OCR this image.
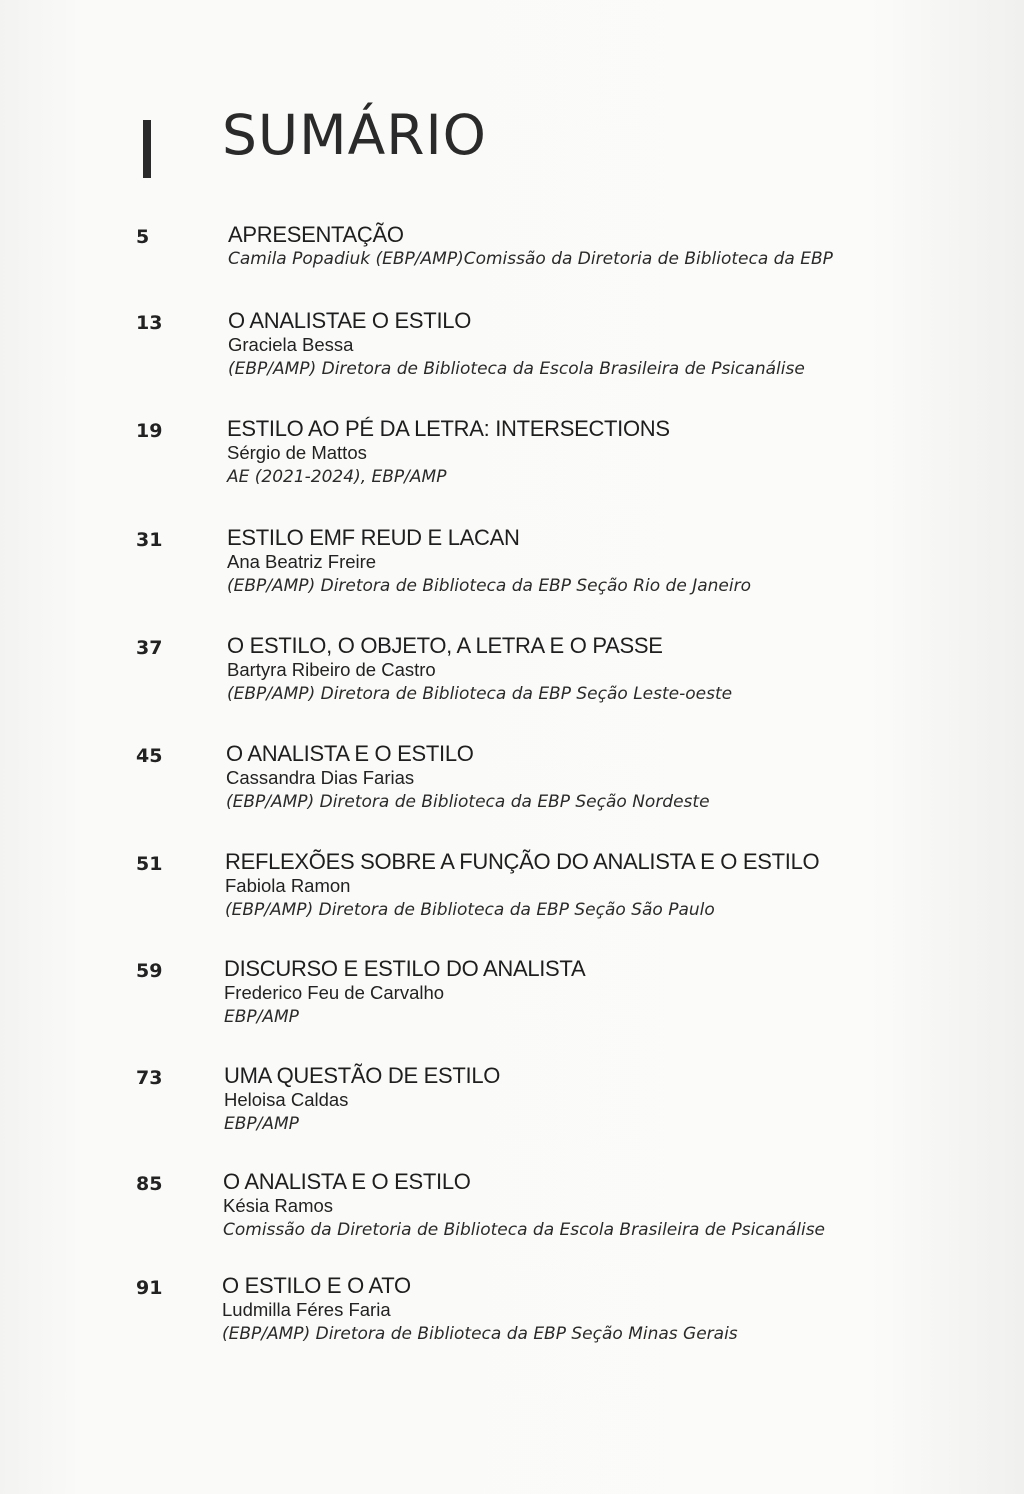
SUMÁRIO
5	APRESENTAÇÃO
Camila Popadiuk (EBP/AMP)Comissão da Diretoria de Biblioteca da EBP
13	O ANALISTAE O ESTILO
Graciela Bessa
(EBP/AMP) Diretora de Biblioteca da Escola Brasileira de Psicanálise
19	ESTILO AO PÉ DA LETRA: INTERSECTIONS
Sérgio de Mattos
AE (2021-2024), EBP/AMP
31	ESTILO EMF REUD E LACAN
Ana Beatriz Freire
(EBP/AMP) Diretora de Biblioteca da EBP Seção Rio de Janeiro
37	O ESTILO, O OBJETO, A LETRA E O PASSE
Bartyra Ribeiro de Castro
(EBP/AMP) Diretora de Biblioteca da EBP Seção Leste-oeste
45	O ANALISTA E O ESTILO
Cassandra Dias Farias
(EBP/AMP) Diretora de Biblioteca da EBP Seção Nordeste
51	REFLEXÕES SOBRE A FUNÇÃO DO ANALISTA E O ESTILO
Fabiola Ramon
(EBP/AMP) Diretora de Biblioteca da EBP Seção São Paulo
59	DISCURSO E ESTILO DO ANALISTA
Frederico Feu de Carvalho
EBP/AMP
73	UMA QUESTÃO DE ESTILO
Heloisa Caldas
EBP/AMP
85	O ANALISTA E O ESTILO
Késia Ramos
Comissão da Diretoria de Biblioteca da Escola Brasileira de Psicanálise
91	O ESTILO E O ATO
Ludmilla Féres Faria
(EBP/AMP) Diretora de Biblioteca da EBP Seção Minas Gerais
